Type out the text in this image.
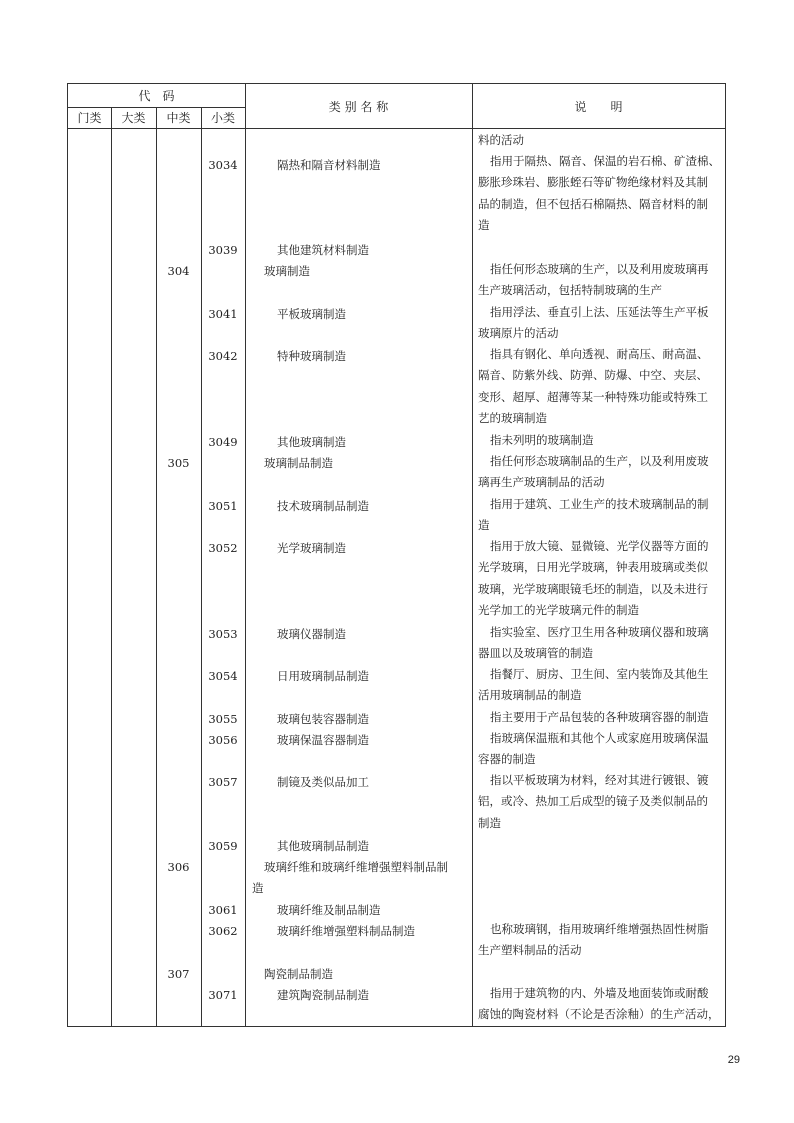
代　码
门类	大类	中类	小类
类 别 名 称	说　　明
料的活动
3034	隔热和隔音材料制造	指用于隔热、隔音、保温的岩石棉、矿渣棉、
膨胀珍珠岩、膨胀蛭石等矿物绝缘材料及其制
品的制造，但不包括石棉隔热、隔音材料的制
造
3039	其他建筑材料制造
304	玻璃制造	指任何形态玻璃的生产，以及利用废玻璃再
生产玻璃活动，包括特制玻璃的生产
3041	平板玻璃制造	指用浮法、垂直引上法、压延法等生产平板
玻璃原片的活动
3042	特种玻璃制造	指具有钢化、单向透视、耐高压、耐高温、
隔音、防紫外线、防弹、防爆、中空、夹层、
变形、超厚、超薄等某一种特殊功能或特殊工
艺的玻璃制造
3049	其他玻璃制造	指未列明的玻璃制造
305	玻璃制品制造	指任何形态玻璃制品的生产，以及利用废玻
璃再生产玻璃制品的活动
3051	技术玻璃制品制造	指用于建筑、工业生产的技术玻璃制品的制
造
3052	光学玻璃制造	指用于放大镜、显微镜、光学仪器等方面的
光学玻璃，日用光学玻璃，钟表用玻璃或类似
玻璃，光学玻璃眼镜毛坯的制造，以及未进行
光学加工的光学玻璃元件的制造
3053	玻璃仪器制造	指实验室、医疗卫生用各种玻璃仪器和玻璃
器皿以及玻璃管的制造
3054	日用玻璃制品制造	指餐厅、厨房、卫生间、室内装饰及其他生
活用玻璃制品的制造
3055	玻璃包装容器制造	指主要用于产品包装的各种玻璃容器的制造
3056	玻璃保温容器制造	指玻璃保温瓶和其他个人或家庭用玻璃保温
容器的制造
3057	制镜及类似品加工	指以平板玻璃为材料，经对其进行镀银、镀
铝，或冷、热加工后成型的镜子及类似制品的
制造
3059	其他玻璃制品制造
306	玻璃纤维和玻璃纤维增强塑料制品制
造
3061	玻璃纤维及制品制造
3062	玻璃纤维增强塑料制品制造	也称玻璃钢，指用玻璃纤维增强热固性树脂
生产塑料制品的活动
307	陶瓷制品制造
3071	建筑陶瓷制品制造	指用于建筑物的内、外墙及地面装饰或耐酸
腐蚀的陶瓷材料（不论是否涂釉）的生产活动，
29
